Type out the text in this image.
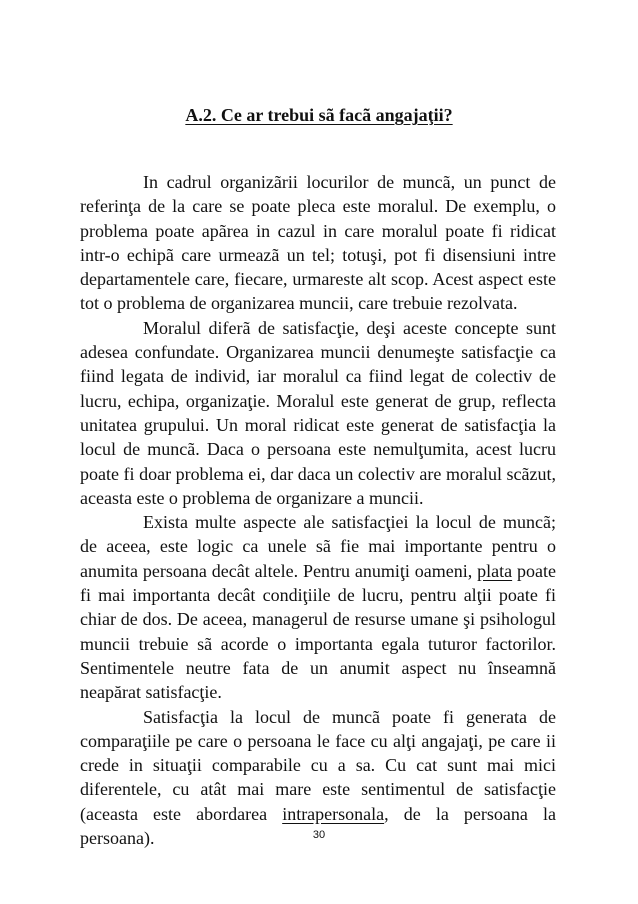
A.2. Ce ar trebui sã facã angajaţii?

In cadrul organizãrii locurilor de muncã, un punct de referinţa de la care se poate pleca este moralul. De exemplu, o problema poate apãrea in cazul in care moralul poate fi ridicat intr-o echipã care urmeazã un tel; totuşi, pot fi disensiuni intre departamentele care, fiecare, urmareste alt scop. Acest aspect este tot o problema de organizarea muncii, care trebuie rezolvata.

Moralul diferã de satisfacţie, deşi aceste concepte sunt adesea confundate. Organizarea muncii denumeşte satisfacţie ca fiind legata de individ, iar moralul ca fiind legat de colectiv de lucru, echipa, organizaţie. Moralul este generat de grup, reflecta unitatea grupului. Un moral ridicat este generat de satisfacţia la locul de muncã. Daca o persoana este nemulţumita, acest lucru poate fi doar problema ei, dar daca un colectiv are moralul scãzut, aceasta este o problema de organizare a muncii.

Exista multe aspecte ale satisfacţiei la locul de muncã; de aceea, este logic ca unele sã fie mai importante pentru o anumita persoana decât altele. Pentru anumiţi oameni, plata poate fi mai importanta decât condiţiile de lucru, pentru alţii poate fi chiar de dos. De aceea, managerul de resurse umane şi psihologul muncii trebuie sã acorde o importanta egala tuturor factorilor. Sentimentele neutre fata de un anumit aspect nu înseamnă neapărat satisfacţie.

Satisfacţia la locul de muncã poate fi generata de comparaţiile pe care o persoana le face cu alţi angajaţi, pe care ii crede in situaţii comparabile cu a sa. Cu cat sunt mai mici diferentele, cu atât mai mare este sentimentul de satisfacţie (aceasta este abordarea intrapersonala, de la persoana la persoana).	30
